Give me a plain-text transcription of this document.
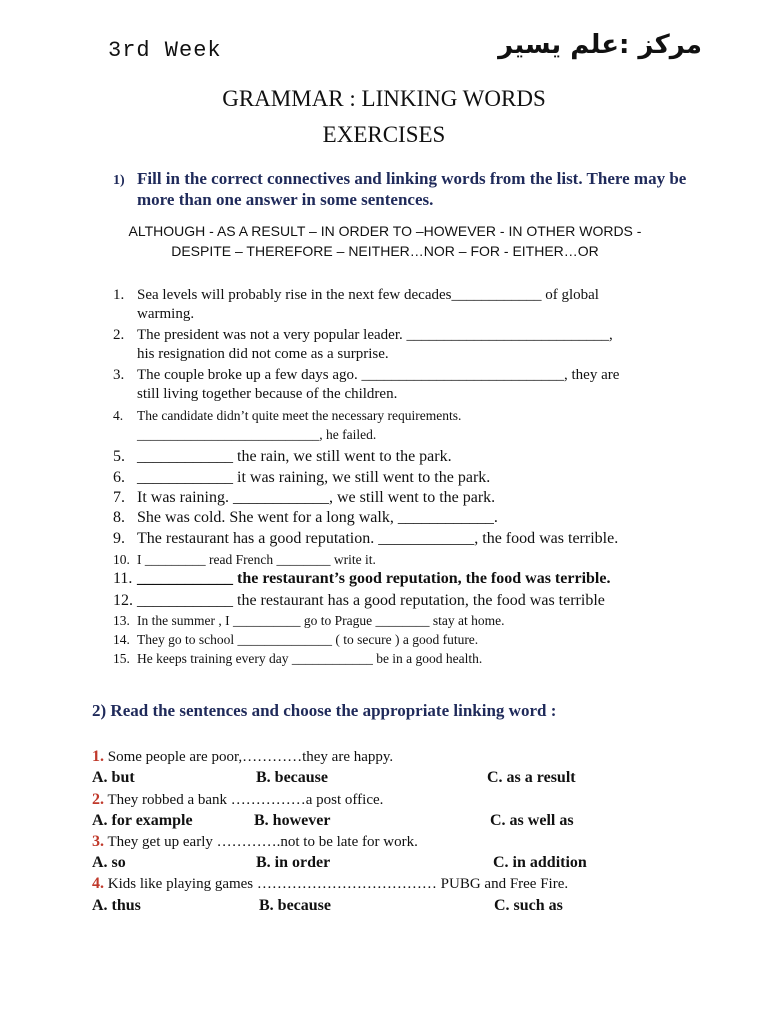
3rd Week	مركز :علم يسير
GRAMMAR : LINKING WORDS
EXERCISES
1) Fill in the correct connectives and linking words from the list. There may be more than one answer in some sentences.
ALTHOUGH - AS A RESULT – IN ORDER TO –HOWEVER - IN OTHER WORDS -
DESPITE – THEREFORE – NEITHER…NOR – FOR - EITHER…OR
1. Sea levels will probably rise in the next few decades____________ of global
warming.
2. The president was not a very popular leader. ___________________________,
his resignation did not come as a surprise.
3. The couple broke up a few days ago. ___________________________, they are
still living together because of the children.
4.	The candidate didn’t quite meet the necessary requirements.
___________________________, he failed.
5. ____________ the rain, we still went to the park.
6. ____________ it was raining, we still went to the park.
7. It was raining. ____________, we still went to the park.
8. She was cold. She went for a long walk, ____________.
9. The restaurant has a good reputation. ____________, the food was terrible.
10. I _________ read French ________ write it.
11. ____________ the restaurant’s good reputation, the food was terrible.
12. ____________ the restaurant has a good reputation, the food was terrible
13. In the summer , I __________ go to Prague ________ stay at home.
14. They go to school ______________ ( to secure ) a good future.
15. He keeps training every day ____________ be in a good health.
2) Read the sentences and choose the appropriate linking word :
1. Some people are poor,…………they are happy.
A. but	B. because	C. as a result
2. They robbed a bank ……………a post office.
A. for example	B. however	C. as well as
3. They get up early ………….not to be late for work.
A. so	B. in order	C. in addition
4. Kids like playing games ……………………………… PUBG and Free Fire.
A. thus	B. because	C. such as
